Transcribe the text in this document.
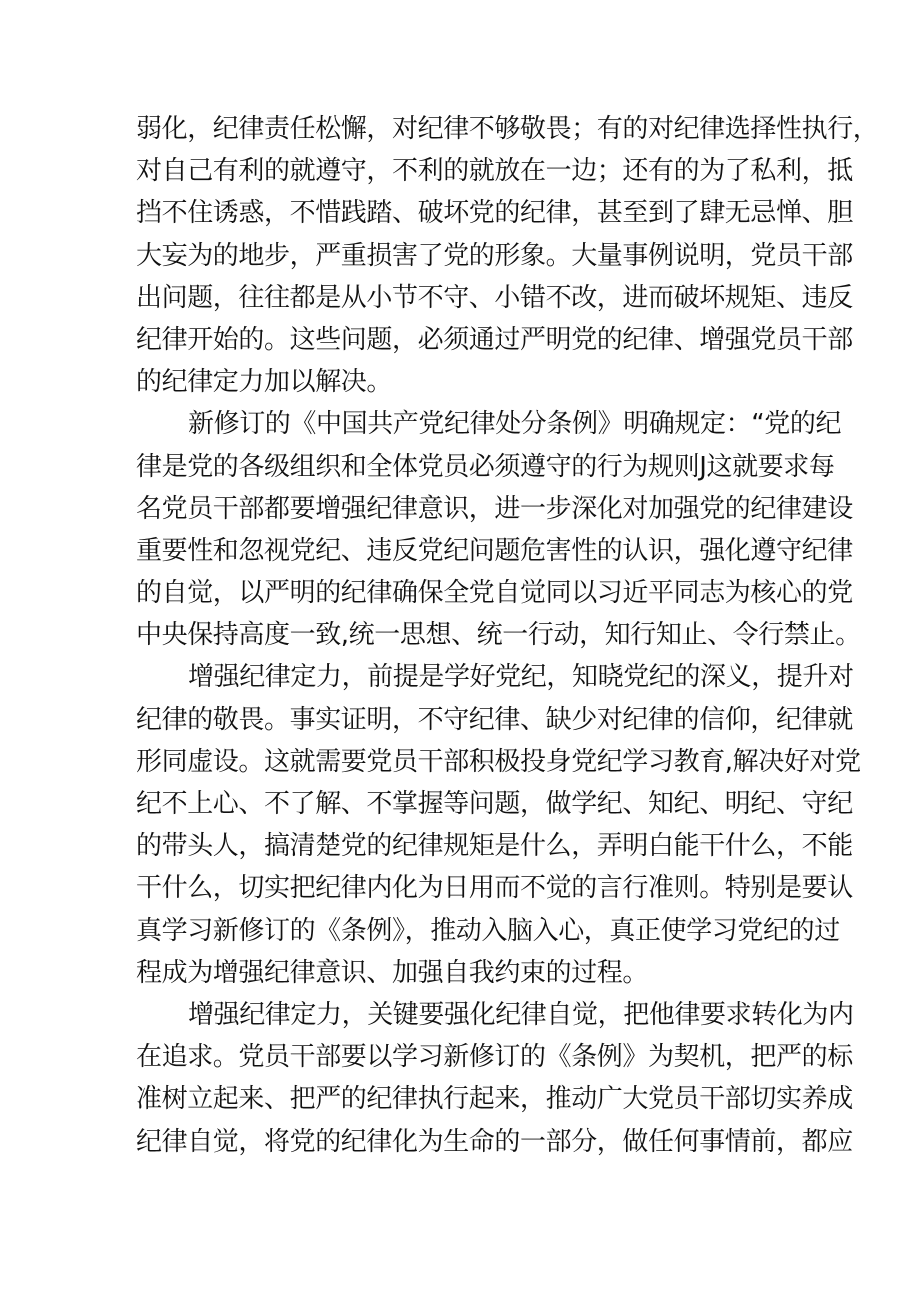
弱化，纪律责任松懈，对纪律不够敬畏；有的对纪律选择性执行，
对自己有利的就遵守，不利的就放在一边；还有的为了私利，抵
挡不住诱惑，不惜践踏、破坏党的纪律，甚至到了肆无忌惮、胆
大妄为的地步，严重损害了党的形象。大量事例说明，党员干部
出问题，往往都是从小节不守、小错不改，进而破坏规矩、违反
纪律开始的。这些问题，必须通过严明党的纪律、增强党员干部
的纪律定力加以解决。
新修订的《中国共产党纪律处分条例》明确规定：“党的纪
律是党的各级组织和全体党员必须遵守的行为规则J这就要求每
名党员干部都要增强纪律意识，进一步深化对加强党的纪律建设
重要性和忽视党纪、违反党纪问题危害性的认识，强化遵守纪律
的自觉，以严明的纪律确保全党自觉同以习近平同志为核心的党
中央保持高度一致,统一思想、统一行动，知行知止、令行禁止。
增强纪律定力，前提是学好党纪，知晓党纪的深义，提升对
纪律的敬畏。事实证明，不守纪律、缺少对纪律的信仰，纪律就
形同虚设。这就需要党员干部积极投身党纪学习教育,解决好对党
纪不上心、不了解、不掌握等问题，做学纪、知纪、明纪、守纪
的带头人，搞清楚党的纪律规矩是什么，弄明白能干什么，不能
干什么，切实把纪律内化为日用而不觉的言行准则。特别是要认
真学习新修订的《条例》，推动入脑入心，真正使学习党纪的过
程成为增强纪律意识、加强自我约束的过程。
增强纪律定力，关键要强化纪律自觉，把他律要求转化为内
在追求。党员干部要以学习新修订的《条例》为契机，把严的标
准树立起来、把严的纪律执行起来，推动广大党员干部切实养成
纪律自觉，将党的纪律化为生命的一部分，做任何事情前，都应
